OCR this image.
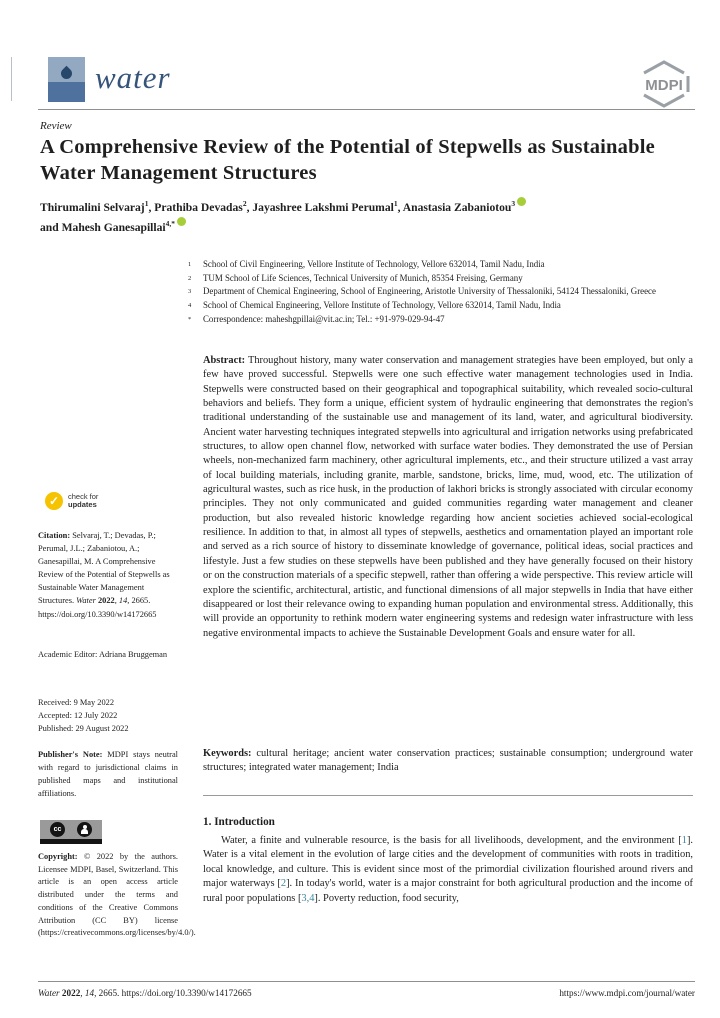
water	MDPI
Review
A Comprehensive Review of the Potential of Stepwells as Sustainable Water Management Structures
Thirumalini Selvaraj$^1$, Prathiba Devadas$^2$, Jayashree Lakshmi Perumal$^1$, Anastasia Zabaniotou$^3$
and Mahesh Ganesapillai$^{4,*}$
1	School of Civil Engineering, Vellore Institute of Technology, Vellore 632014, Tamil Nadu, India
2	TUM School of Life Sciences, Technical University of Munich, 85354 Freising, Germany
3	Department of Chemical Engineering, School of Engineering, Aristotle University of Thessaloniki, 54124 Thessaloniki, Greece
4	School of Chemical Engineering, Vellore Institute of Technology, Vellore 632014, Tamil Nadu, India
*	Correspondence: maheshgpillai@vit.ac.in; Tel.: +91-979-029-94-47
Abstract: Throughout history, many water conservation and management strategies have been employed, but only a few have proved successful. Stepwells were one such effective water management technologies used in India. Stepwells were constructed based on their geographical and topographical suitability, which revealed socio-cultural behaviors and beliefs. They form a unique, efficient system of hydraulic engineering that demonstrates the region's traditional understanding of the sustainable use and management of its land, water, and agricultural biodiversity. Ancient water harvesting techniques integrated stepwells into agricultural and irrigation networks using prefabricated structures, to allow open channel flow, networked with surface water bodies. They demonstrated the use of Persian wheels, non-mechanized farm machinery, other agricultural implements, etc., and their structure utilized a vast array of local building materials, including granite, marble, sandstone, bricks, lime, mud, wood, etc. The utilization of agricultural wastes, such as rice husk, in the production of lakhori bricks is strongly associated with circular economy principles. They not only communicated and guided communities regarding water management and cleaner production, but also revealed historic knowledge regarding how ancient societies achieved social-ecological resilience. In addition to that, in almost all types of stepwells, aesthetics and ornamentation played an important role and served as a rich source of history to disseminate knowledge of governance, political ideas, social practices and lifestyle. Just a few studies on these stepwells have been published and they have generally focused on their history or on the construction materials of a specific stepwell, rather than offering a wide perspective. This review article will explore the scientific, architectural, artistic, and functional dimensions of all major stepwells in India that have either disappeared or lost their relevance owing to expanding human population and environmental stress. Additionally, this will provide an opportunity to rethink modern water engineering systems and redesign water infrastructure with less negative environmental impacts to achieve the Sustainable Development Goals and ensure water for all.
Keywords: cultural heritage; ancient water conservation practices; sustainable consumption; underground water structures; integrated water management; India
1. Introduction
Water, a finite and vulnerable resource, is the basis for all livelihoods, development, and the environment [1]. Water is a vital element in the evolution of large cities and the development of communities with roots in tradition, local knowledge, and culture. This is evident since most of the primordial civilization flourished around rivers and major waterways [2]. In today's world, water is a major constraint for both agricultural production and the income of rural poor populations [3,4]. Poverty reduction, food security,
✓	check for
updates
Citation: Selvaraj, T.; Devadas, P.; Perumal, J.L.; Zabaniotou, A.; Ganesapillai, M. A Comprehensive Review of the Potential of Stepwells as Sustainable Water Management Structures. Water 2022, 14, 2665. https://doi.org/10.3390/w14172665
Academic Editor: Adriana Bruggeman
Received: 9 May 2022
Accepted: 12 July 2022
Published: 29 August 2022
Publisher's Note: MDPI stays neutral with regard to jurisdictional claims in published maps and institutional affiliations.
cc
Copyright: © 2022 by the authors. Licensee MDPI, Basel, Switzerland. This article is an open access article distributed under the terms and conditions of the Creative Commons Attribution (CC BY) license (https://creativecommons.org/licenses/by/4.0/).
Water 2022, 14, 2665. https://doi.org/10.3390/w14172665	https://www.mdpi.com/journal/water
